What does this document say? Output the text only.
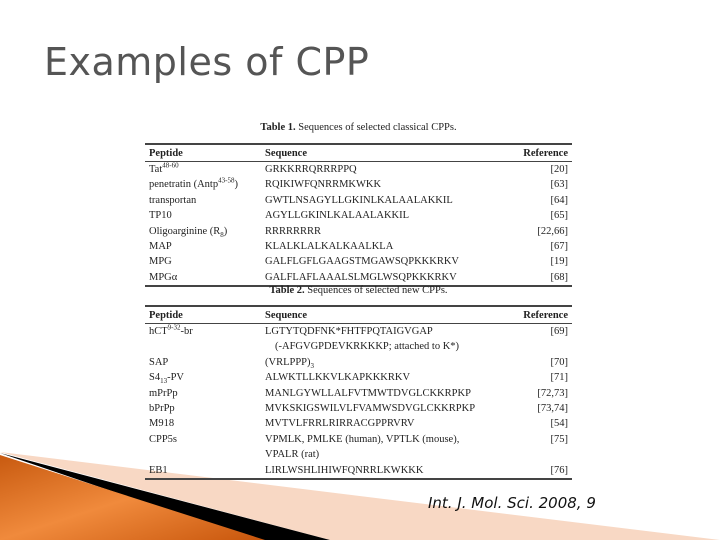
Examples of CPP
Table 1. Sequences of selected classical CPPs.
Peptide	Sequence	Reference
Tat$^{48-60}$	GRKKRRQRRRPPQ	[20]
penetratin (Antp$^{43-58}$)	RQIKIWFQNRRMKWKK	[63]
transportan	GWTLNSAGYLLGKINLKALAALAKKIL	[64]
TP10	AGYLLGKINLKALAALAKKIL	[65]
Oligoarginine $(R_8)$	RRRRRRRR	[22,66]
MAP	KLALKLALKALKAALKLA	[67]
MPG	GALFLGFLGAAGSTMGAWSQPKKKRKV	[19]
MPGα	GALFLAFLAAALSLMGLWSQPKKKRKV	[68]
Table 2. Sequences of selected new CPPs.
Peptide	Sequence	Reference
hCT$^{9-32}$-br	LGTYTQDFNK*FHTFPQTAIGVGAP	[69]
	(-AFGVGPDEVKRKKKP; attached to K*)	
SAP	$(VRLPPP)_3$	[70]
$S4_{13}-PV$	ALWKTLLKKVLKAPKKKRKV	[71]
mPrPp	MANLGYWLLALFVTMWTDVGLCKKRPKP	[72,73]
bPrPp	MVKSKIGSWILVLFVAMWSDVGLCKKRPKP	[73,74]
M918	MVTVLFRRLRIRRACGPPRVRV	[54]
CPP5s	VPMLK, PMLKE (human), VPTLK (mouse),	[75]
	VPALR (rat)	
EB1	LIRLWSHLIHIWFQNRRLKWKKK	[76]
Int. J. Mol. Sci. 2008, 9
